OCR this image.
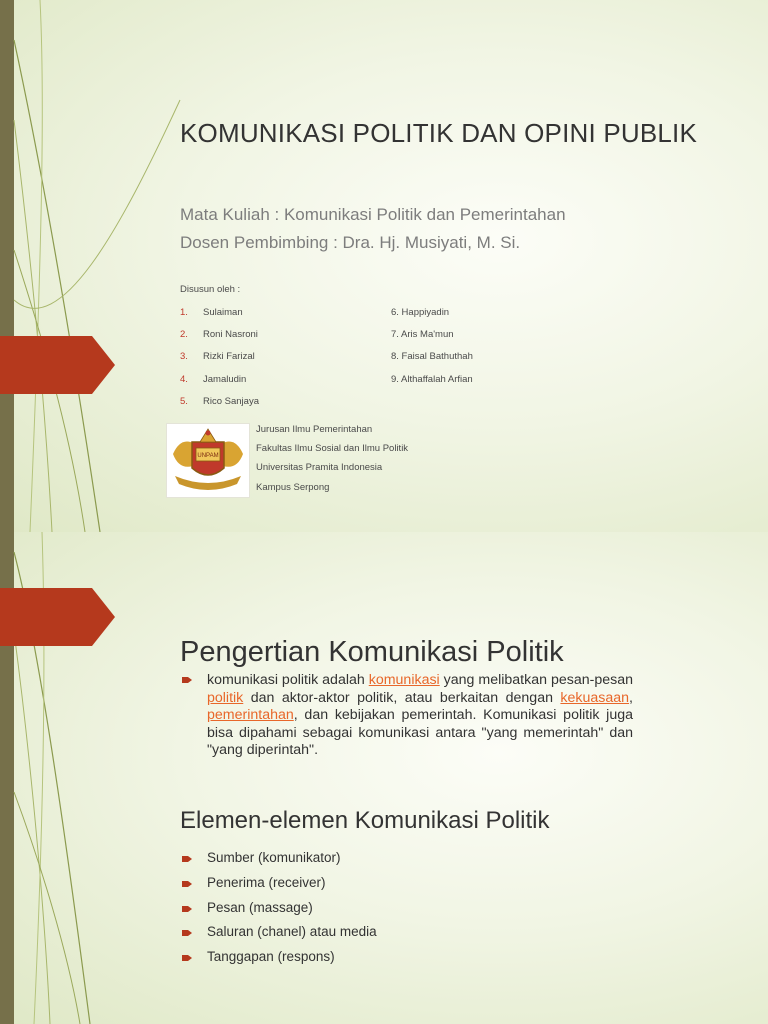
KOMUNIKASI POLITIK DAN OPINI PUBLIK

Mata Kuliah : Komunikasi Politik dan Pemerintahan

Dosen Pembimbing : Dra. Hj. Musiyati, M. Si.

Disusun oleh :
1. Sulaiman
2. Roni Nasroni
3. Rizki Farizal
4. Jamaludin
5. Rico Sanjaya
6. Happiyadin
7. Aris Ma'mun
8. Faisal Bathuthah
9. Althaffalah Arfian
UNPAM
Jurusan Ilmu Pemerintahan
Fakultas Ilmu Sosial dan Ilmu Politik
Universitas Pramita Indonesia
Kampus Serpong
Pengertian Komunikasi Politik

komunikasi politik adalah komunikasi yang melibatkan pesan-pesan politik dan aktor-aktor politik, atau berkaitan dengan kekuasaan, pemerintahan, dan kebijakan pemerintah. Komunikasi politik juga bisa dipahami sebagai komunikasi antara "yang memerintah" dan "yang diperintah".

Elemen-elemen Komunikasi Politik
Sumber (komunikator)
Penerima (receiver)
Pesan (massage)
Saluran (chanel) atau media
Tanggapan (respons)
